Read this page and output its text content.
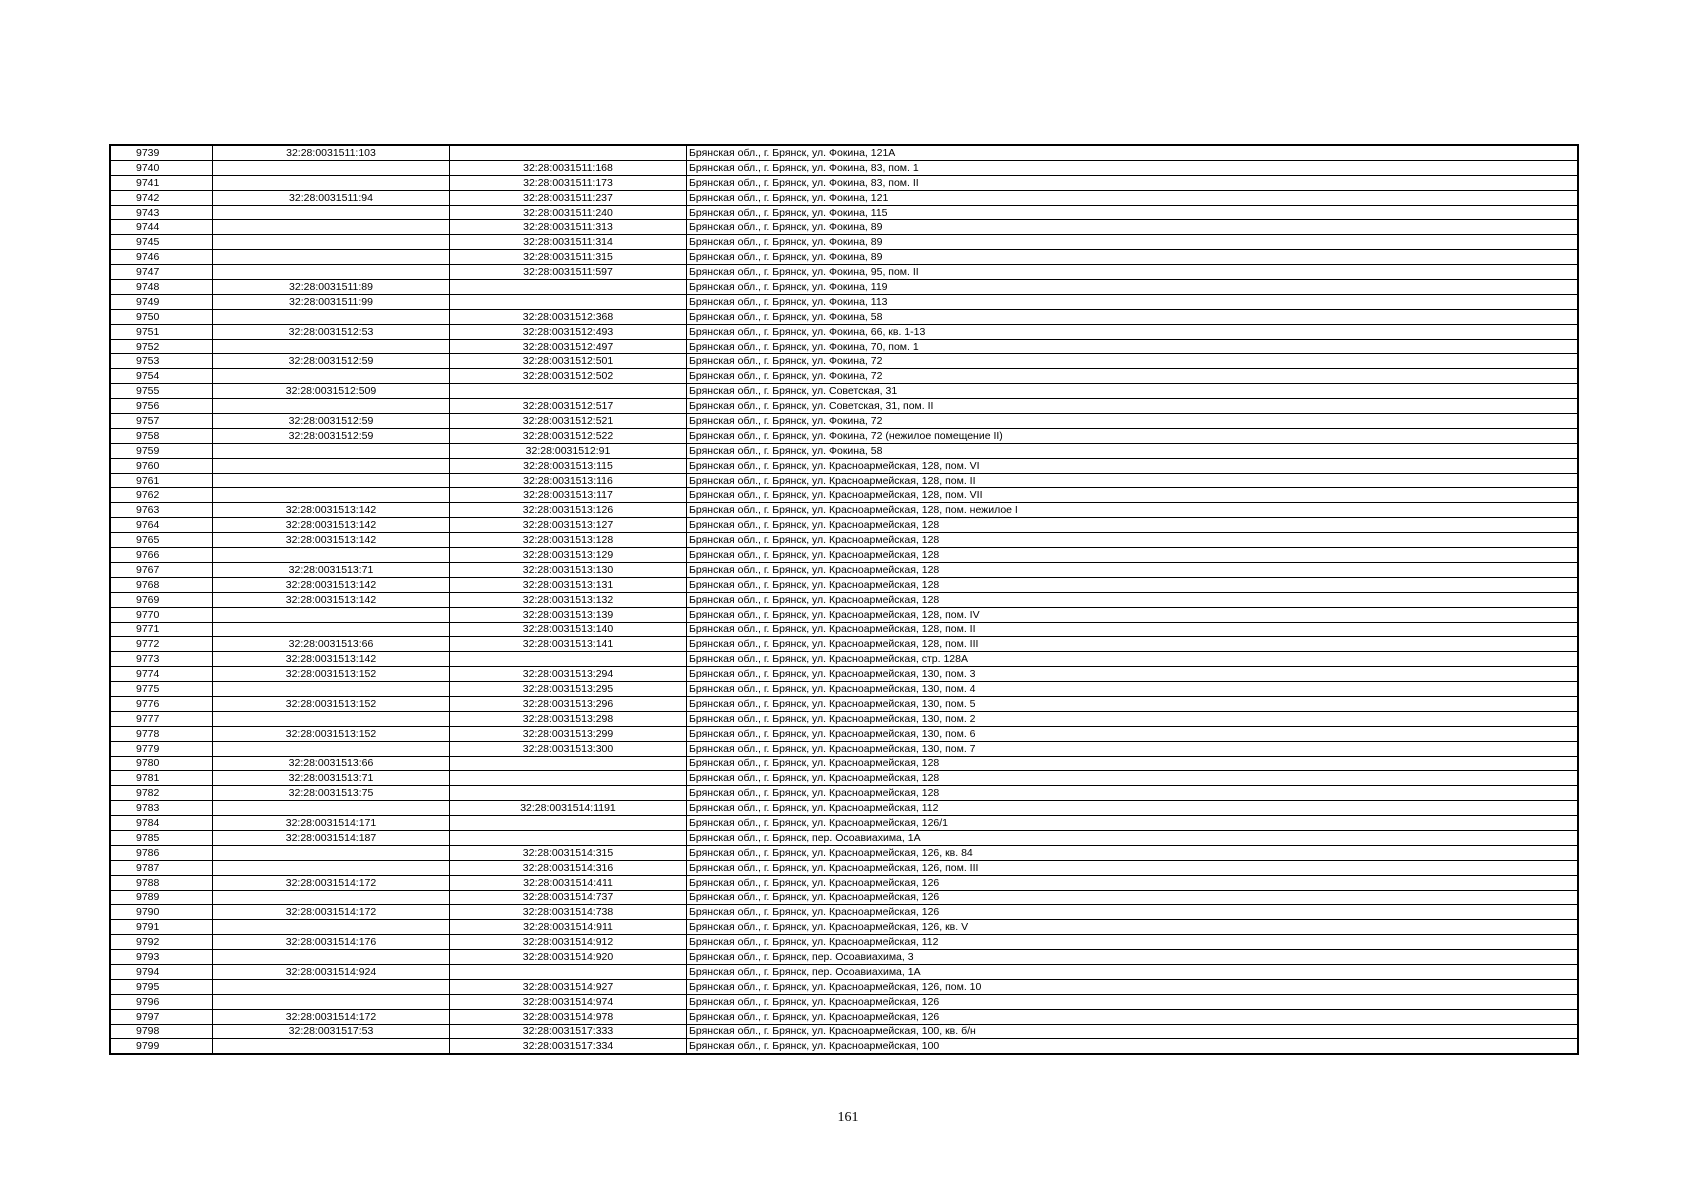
9739	32:28:0031511:103		Брянская обл., г. Брянск, ул. Фокина, 121А
9740		32:28:0031511:168	Брянская обл., г. Брянск, ул. Фокина, 83, пом. 1
9741		32:28:0031511:173	Брянская обл., г. Брянск, ул. Фокина, 83, пом. II
9742	32:28:0031511:94	32:28:0031511:237	Брянская обл., г. Брянск, ул. Фокина, 121
9743		32:28:0031511:240	Брянская обл., г. Брянск, ул. Фокина, 115
9744		32:28:0031511:313	Брянская обл., г. Брянск, ул. Фокина, 89
9745		32:28:0031511:314	Брянская обл., г. Брянск, ул. Фокина, 89
9746		32:28:0031511:315	Брянская обл., г. Брянск, ул. Фокина, 89
9747		32:28:0031511:597	Брянская обл., г. Брянск, ул. Фокина, 95, пом. II
9748	32:28:0031511:89		Брянская обл., г. Брянск, ул. Фокина, 119
9749	32:28:0031511:99		Брянская обл., г. Брянск, ул. Фокина, 113
9750		32:28:0031512:368	Брянская обл., г. Брянск, ул. Фокина, 58
9751	32:28:0031512:53	32:28:0031512:493	Брянская обл., г. Брянск, ул. Фокина, 66, кв. 1-13
9752		32:28:0031512:497	Брянская обл., г. Брянск, ул. Фокина, 70, пом. 1
9753	32:28:0031512:59	32:28:0031512:501	Брянская обл., г. Брянск, ул. Фокина, 72
9754		32:28:0031512:502	Брянская обл., г. Брянск, ул. Фокина, 72
9755	32:28:0031512:509		Брянская обл., г. Брянск, ул. Советская, 31
9756		32:28:0031512:517	Брянская обл., г. Брянск, ул. Советская, 31, пом. II
9757	32:28:0031512:59	32:28:0031512:521	Брянская обл., г. Брянск, ул. Фокина, 72
9758	32:28:0031512:59	32:28:0031512:522	Брянская обл., г. Брянск, ул. Фокина, 72 (нежилое помещение II)
9759		32:28:0031512:91	Брянская обл., г. Брянск, ул. Фокина, 58
9760		32:28:0031513:115	Брянская обл., г. Брянск, ул. Красноармейская, 128, пом. VI
9761		32:28:0031513:116	Брянская обл., г. Брянск, ул. Красноармейская, 128, пом. II
9762		32:28:0031513:117	Брянская обл., г. Брянск, ул. Красноармейская, 128, пом. VII
9763	32:28:0031513:142	32:28:0031513:126	Брянская обл., г. Брянск, ул. Красноармейская, 128, пом. нежилое I
9764	32:28:0031513:142	32:28:0031513:127	Брянская обл., г. Брянск, ул. Красноармейская, 128
9765	32:28:0031513:142	32:28:0031513:128	Брянская обл., г. Брянск, ул. Красноармейская, 128
9766		32:28:0031513:129	Брянская обл., г. Брянск, ул. Красноармейская, 128
9767	32:28:0031513:71	32:28:0031513:130	Брянская обл., г. Брянск, ул. Красноармейская, 128
9768	32:28:0031513:142	32:28:0031513:131	Брянская обл., г. Брянск, ул. Красноармейская, 128
9769	32:28:0031513:142	32:28:0031513:132	Брянская обл., г. Брянск, ул. Красноармейская, 128
9770		32:28:0031513:139	Брянская обл., г. Брянск, ул. Красноармейская, 128, пом. IV
9771		32:28:0031513:140	Брянская обл., г. Брянск, ул. Красноармейская, 128, пом. II
9772	32:28:0031513:66	32:28:0031513:141	Брянская обл., г. Брянск, ул. Красноармейская, 128, пом. III
9773	32:28:0031513:142		Брянская обл., г. Брянск, ул. Красноармейская, стр. 128А
9774	32:28:0031513:152	32:28:0031513:294	Брянская обл., г. Брянск, ул. Красноармейская, 130, пом. 3
9775		32:28:0031513:295	Брянская обл., г. Брянск, ул. Красноармейская, 130, пом. 4
9776	32:28:0031513:152	32:28:0031513:296	Брянская обл., г. Брянск, ул. Красноармейская, 130, пом. 5
9777		32:28:0031513:298	Брянская обл., г. Брянск, ул. Красноармейская, 130, пом. 2
9778	32:28:0031513:152	32:28:0031513:299	Брянская обл., г. Брянск, ул. Красноармейская, 130, пом. 6
9779		32:28:0031513:300	Брянская обл., г. Брянск, ул. Красноармейская, 130, пом. 7
9780	32:28:0031513:66		Брянская обл., г. Брянск, ул. Красноармейская, 128
9781	32:28:0031513:71		Брянская обл., г. Брянск, ул. Красноармейская, 128
9782	32:28:0031513:75		Брянская обл., г. Брянск, ул. Красноармейская, 128
9783		32:28:0031514:1191	Брянская обл., г. Брянск, ул. Красноармейская, 112
9784	32:28:0031514:171		Брянская обл., г. Брянск, ул. Красноармейская, 126/1
9785	32:28:0031514:187		Брянская обл., г. Брянск, пер. Осоавиахима, 1А
9786		32:28:0031514:315	Брянская обл., г. Брянск, ул. Красноармейская, 126, кв. 84
9787		32:28:0031514:316	Брянская обл., г. Брянск, ул. Красноармейская, 126, пом. III
9788	32:28:0031514:172	32:28:0031514:411	Брянская обл., г. Брянск, ул. Красноармейская, 126
9789		32:28:0031514:737	Брянская обл., г. Брянск, ул. Красноармейская, 126
9790	32:28:0031514:172	32:28:0031514:738	Брянская обл., г. Брянск, ул. Красноармейская, 126
9791		32:28:0031514:911	Брянская обл., г. Брянск, ул. Красноармейская, 126, кв. V
9792	32:28:0031514:176	32:28:0031514:912	Брянская обл., г. Брянск, ул. Красноармейская, 112
9793		32:28:0031514:920	Брянская обл., г. Брянск, пер. Осоавиахима, 3
9794	32:28:0031514:924		Брянская обл., г. Брянск, пер. Осоавиахима, 1А
9795		32:28:0031514:927	Брянская обл., г. Брянск, ул. Красноармейская, 126, пом. 10
9796		32:28:0031514:974	Брянская обл., г. Брянск, ул. Красноармейская, 126
9797	32:28:0031514:172	32:28:0031514:978	Брянская обл., г. Брянск, ул. Красноармейская, 126
9798	32:28:0031517:53	32:28:0031517:333	Брянская обл., г. Брянск, ул. Красноармейская, 100, кв. б/н
9799		32:28:0031517:334	Брянская обл., г. Брянск, ул. Красноармейская, 100
161
